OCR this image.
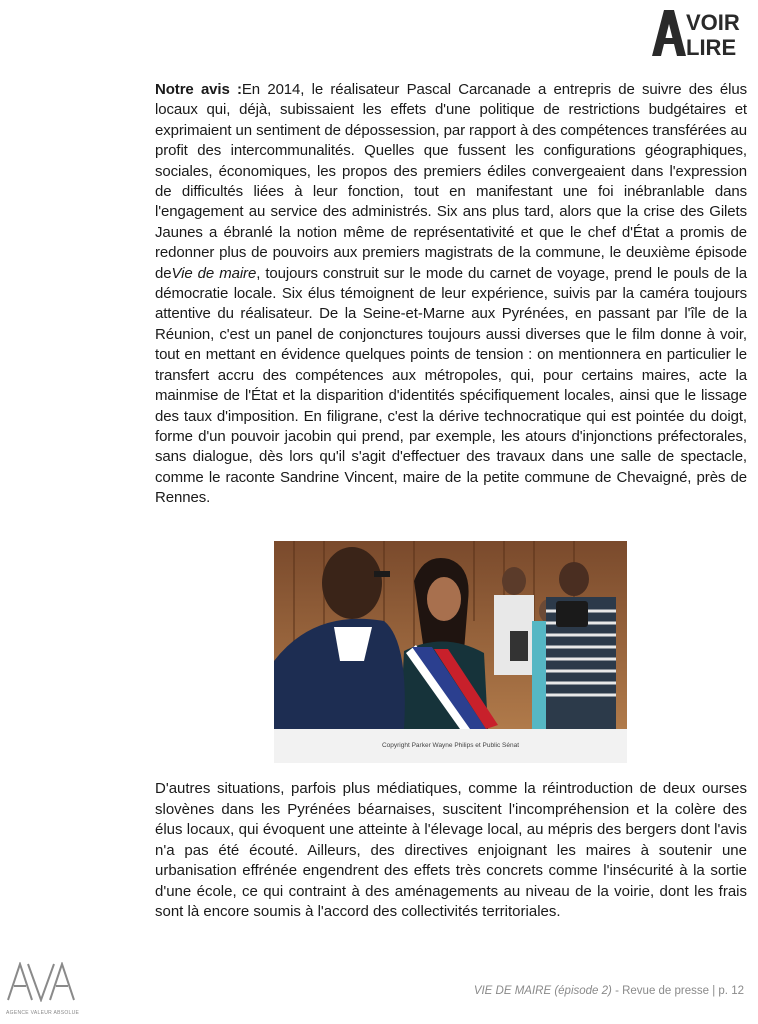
VOIR
LIRE

Notre avis :En 2014, le réalisateur Pascal Carcanade a entrepris de suivre des élus locaux qui, déjà, subissaient les effets d'une politique de restrictions budgétaires et exprimaient un sentiment de dépossession, par rapport à des compétences transférées au profit des intercommunalités. Quelles que fussent les configurations géographiques, sociales, économiques, les propos des premiers édiles convergeaient dans l'expression de difficultés liées à leur fonction, tout en manifestant une foi inébranlable dans l'engagement au service des administrés. Six ans plus tard, alors que la crise des Gilets Jaunes a ébranlé la notion même de représentativité et que le chef d'État a promis de redonner plus de pouvoirs aux premiers magistrats de la commune, le deuxième épisode deVie de maire, toujours construit sur le mode du carnet de voyage, prend le pouls de la démocratie locale. Six élus témoignent de leur expérience, suivis par la caméra toujours attentive du réalisateur. De la Seine-et-Marne aux Pyrénées, en passant par l'île de la Réunion, c'est un panel de conjonctures toujours aussi diverses que le film donne à voir, tout en mettant en évidence quelques points de tension : on mentionnera en particulier le transfert accru des compétences aux métropoles, qui, pour certains maires, acte la mainmise de l'État et la disparition d'identités spécifiquement locales, ainsi que le lissage des taux d'imposition. En filigrane, c'est la dérive technocratique qui est pointée du doigt, forme d'un pouvoir jacobin qui prend, par exemple, les atours d'injonctions préfectorales, sans dialogue, dès lors qu'il s'agit d'effectuer des travaux dans une salle de spectacle, comme le raconte Sandrine Vincent, maire de la petite commune de Chevaigné, près de Rennes.

Copyright Parker Wayne Philips et Public Sénat

D'autres situations, parfois plus médiatiques, comme la réintroduction de deux ourses slovènes dans les Pyrénées béarnaises, suscitent l'incompréhension et la colère des élus locaux, qui évoquent une atteinte à l'élevage local, au mépris des bergers dont l'avis n'a pas été écouté. Ailleurs, des directives enjoignant les maires à soutenir une urbanisation effrénée engendrent des effets très concrets comme l'insécurité à la sortie d'une école, ce qui contraint à des aménagements au niveau de la voirie, dont les frais sont là encore soumis à l'accord des collectivités territoriales.

AGENCE VALEUR ABSOLUE
VIE DE MAIRE (épisode 2) - Revue de presse | p. 12
